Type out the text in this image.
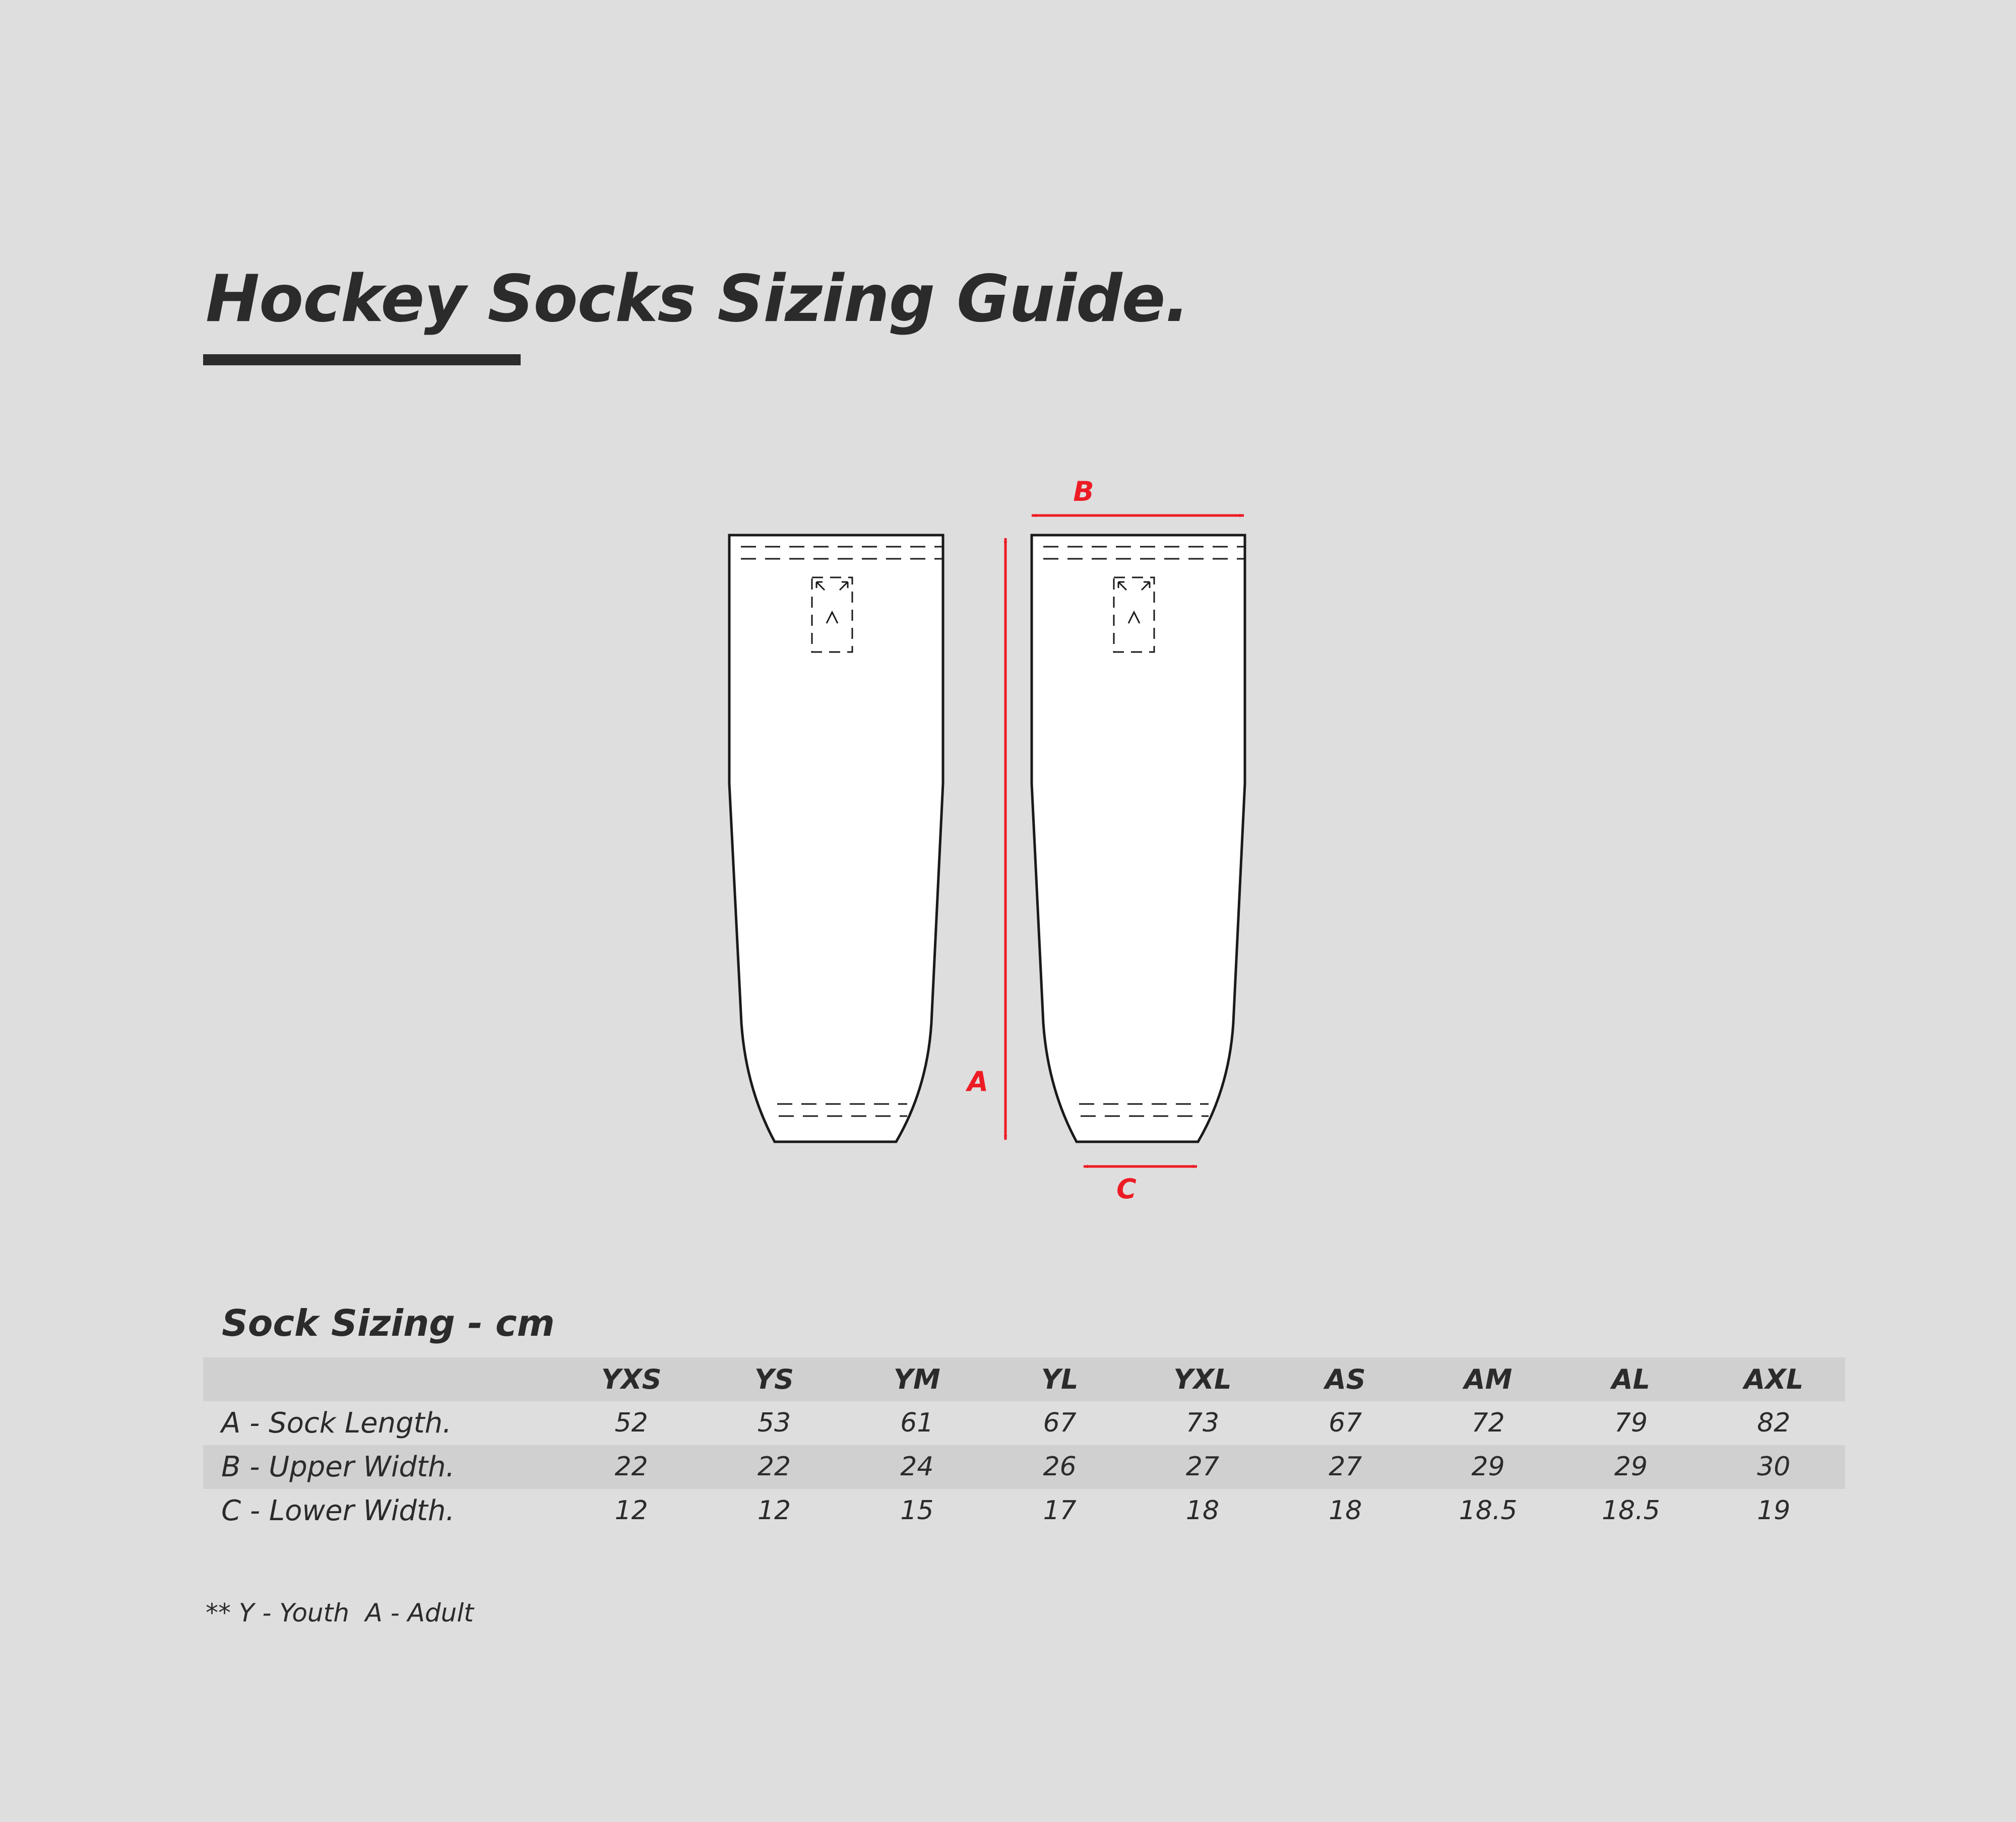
Hockey Socks Sizing Guide.
A
B
C
Sock Sizing - cm
	YXS	YS	YM	YL	YXL	AS	AM	AL	AXL
A - Sock Length.	52	53	61	67	73	67	72	79	82
B - Upper Width.	22	22	24	26	27	27	29	29	30
C - Lower Width.	12	12	15	17	18	18	18.5	18.5	19
** Y - Youth  A - Adult
